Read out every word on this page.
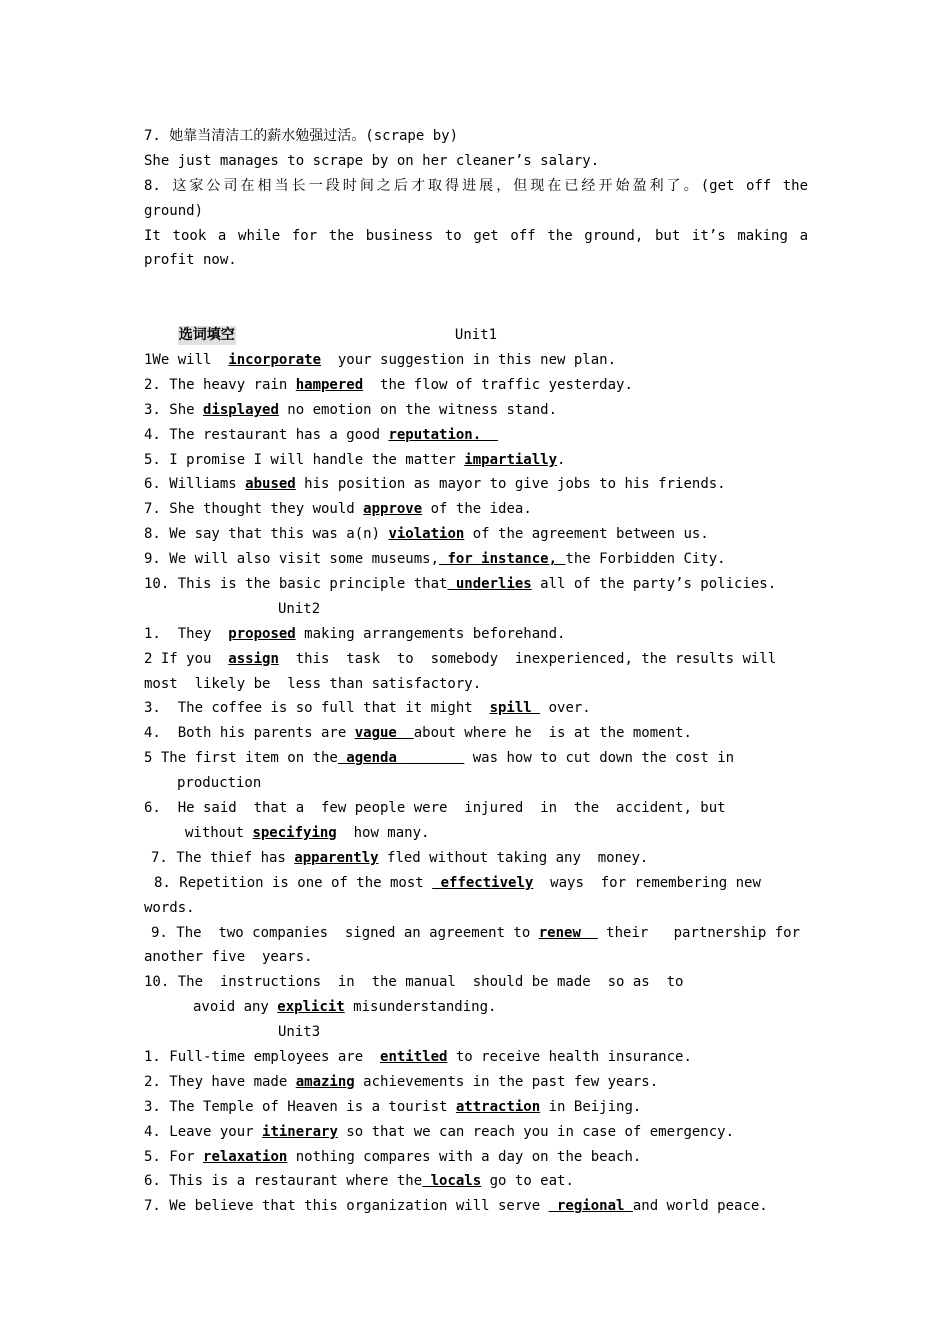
7. 她靠当清洁工的薪水勉强过活。(scrape by)
She just manages to scrape by on her cleaner’s salary.
8. 这家公司在相当长一段时间之后才取得进展，但现在已经开始盈利了。(get off the
ground)
It took a while for the business to get off the ground, but it’s making a
profit now.

选词填空
	Unit1
1We will  incorporate  your suggestion in this new plan.
2. The heavy rain hampered  the flow of traffic yesterday.
3. She displayed no emotion on the witness stand.
4. The restaurant has a good reputation.
5. I promise I will handle the matter impartially.
6. Williams abused his position as mayor to give jobs to his friends.
7. She thought they would approve of the idea.
8. We say that this was a(n) violation of the agreement between us.
9. We will also visit some museums, for instance, the Forbidden City.
10. This is the basic principle that underlies all of the party’s policies.
Unit2
1.  They  proposed making arrangements beforehand.
2 If you  assign  this  task  to  somebody  inexperienced, the results will
most  likely be  less than satisfactory.
3.  The coffee is so full that it might  spill  over.
4.  Both his parents are vague  about where he  is at the moment.
5 The first item on the agenda	was how to cut down the cost in
production
6.  He said  that a  few people were  injured  in  the  accident, but
without specifying  how many.
7. The thief has apparently fled without taking any  money.
8. Repetition is one of the most  effectively  ways  for remembering new
words.
9. The  two companies  signed an agreement to renew   their   partnership for
another five  years.
10. The  instructions  in  the manual  should be made  so as  to
avoid any explicit misunderstanding.
Unit3
1. Full-time employees are  entitled to receive health insurance.
2. They have made amazing achievements in the past few years.
3. The Temple of Heaven is a tourist attraction in Beijing.
4. Leave your itinerary so that we can reach you in case of emergency.
5. For relaxation nothing compares with a day on the beach.
6. This is a restaurant where the locals go to eat.
7. We believe that this organization will serve  regional and world peace.
